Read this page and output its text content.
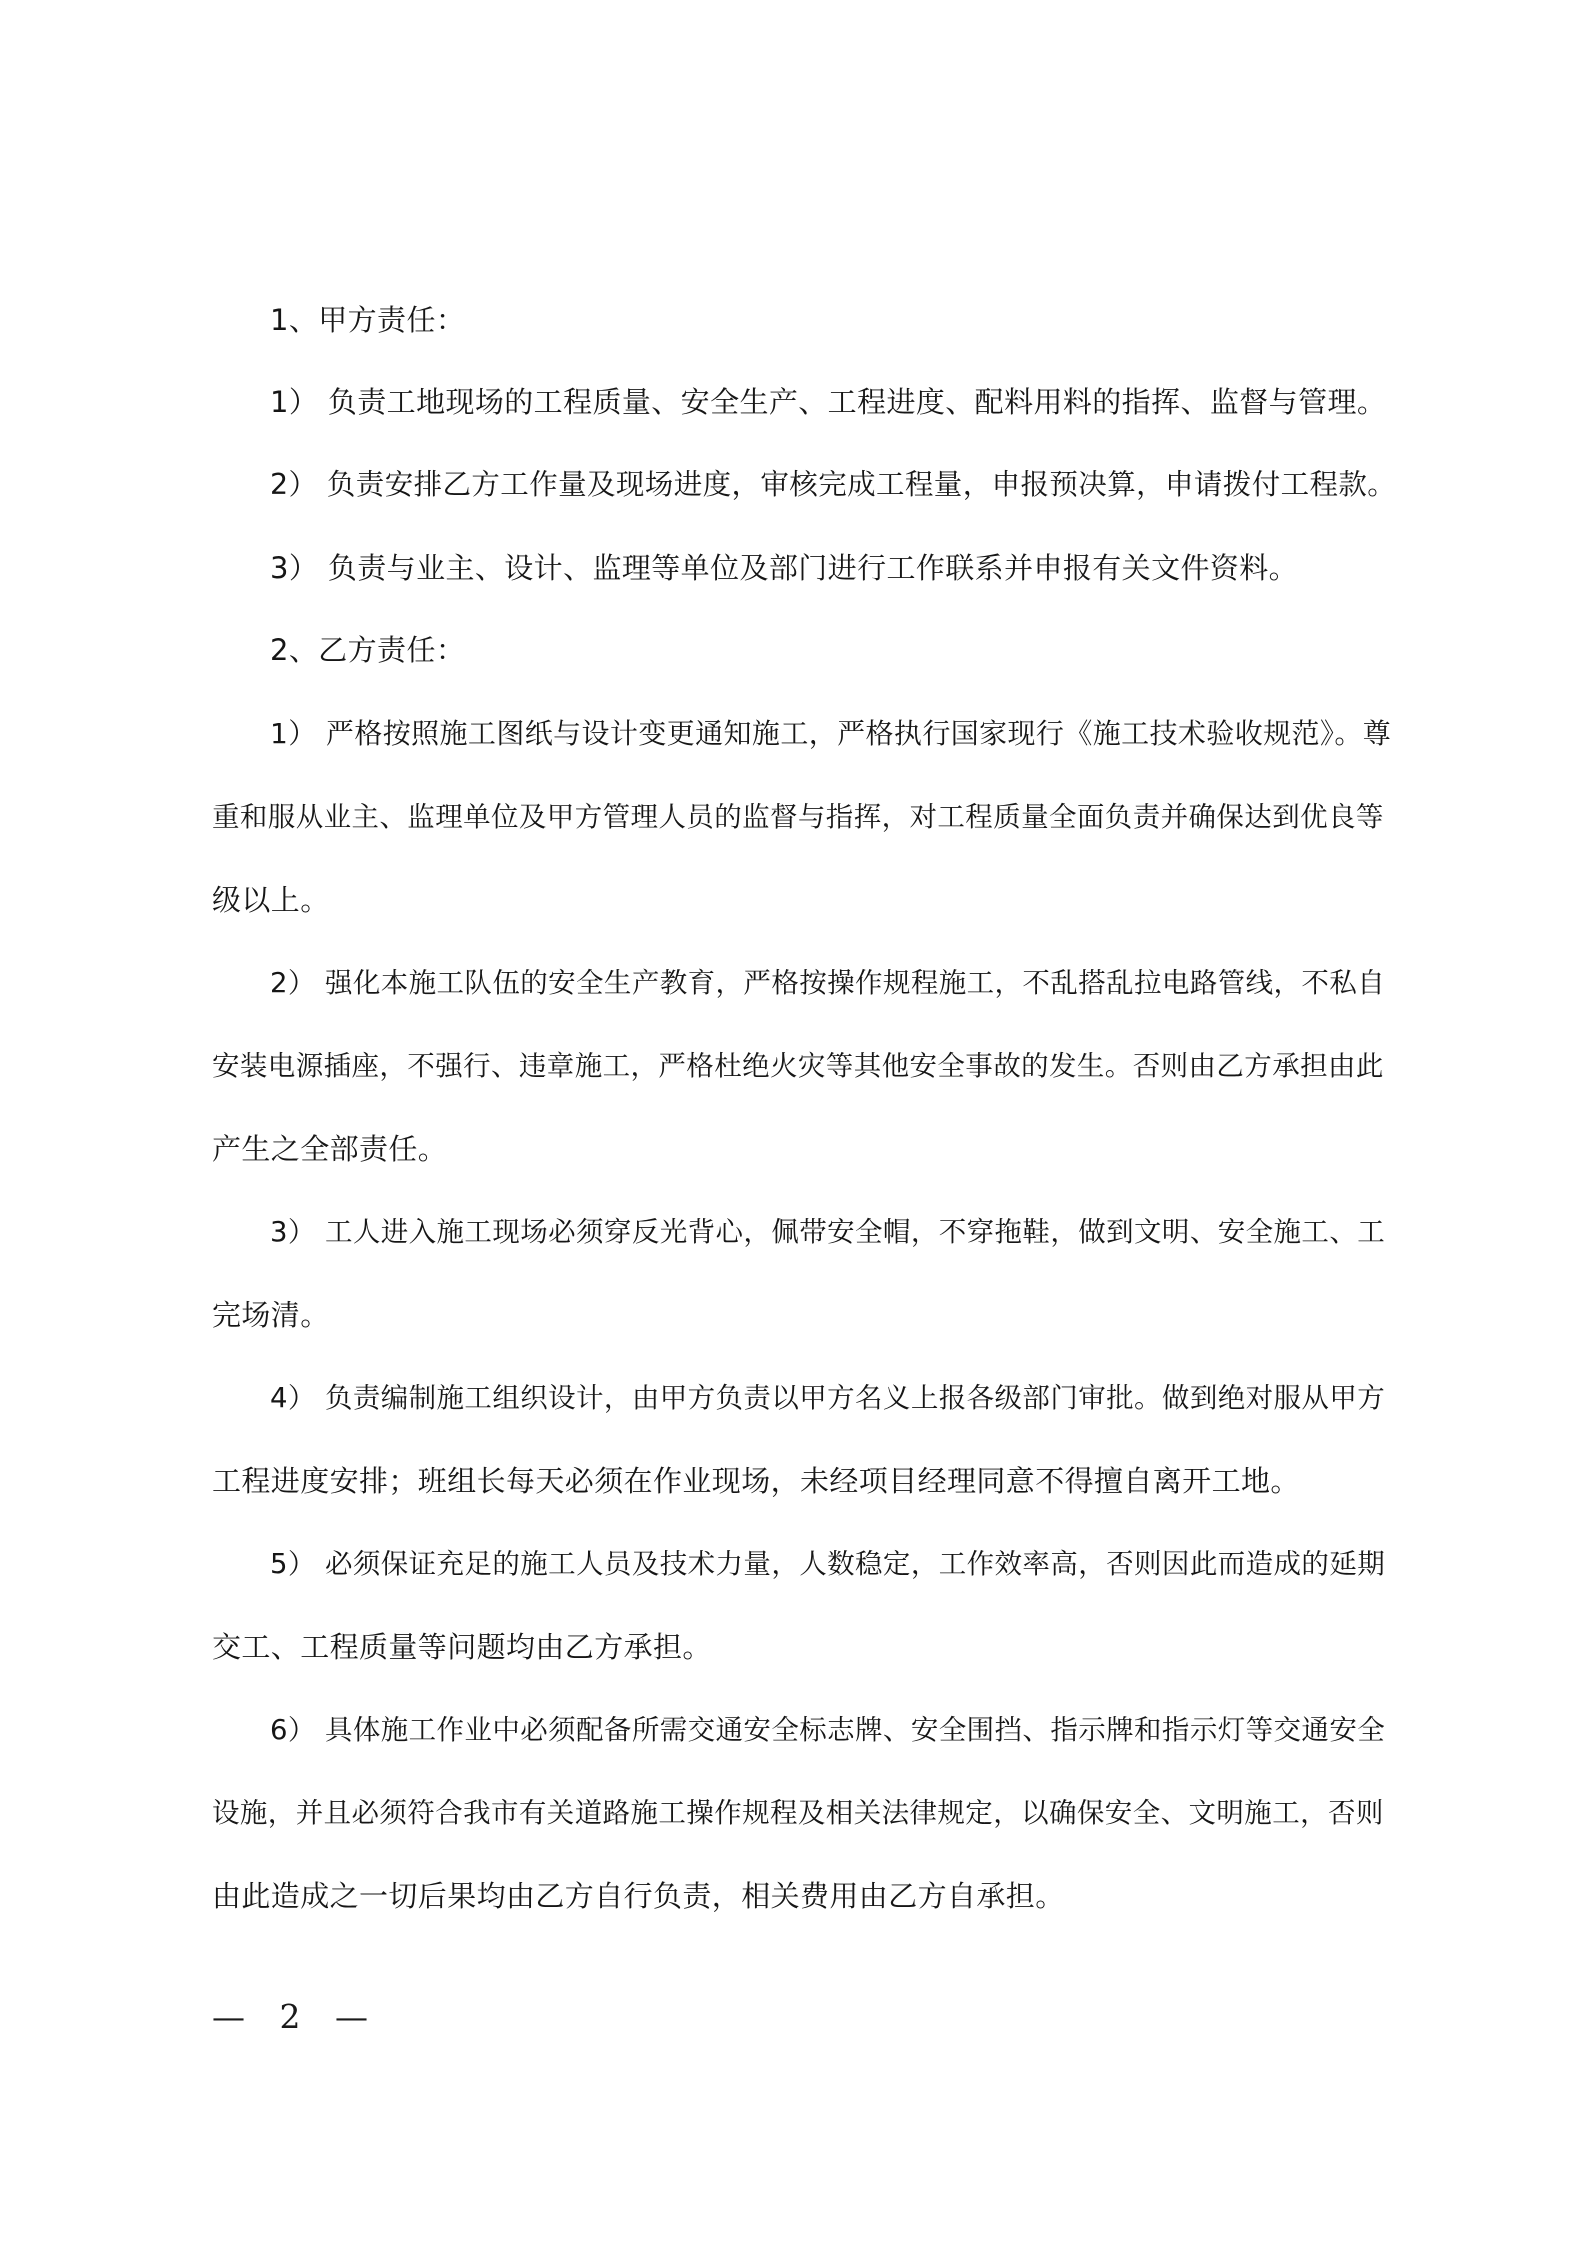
1、甲方责任：
1） 负责工地现场的工程质量、安全生产、工程进度、配料用料的指挥、监督与管理。
2） 负责安排乙方工作量及现场进度，审核完成工程量，申报预决算，申请拨付工程款。
3） 负责与业主、设计、监理等单位及部门进行工作联系并申报有关文件资料。
2、乙方责任：
1） 严格按照施工图纸与设计变更通知施工，严格执行国家现行《施工技术验收规范》。尊
重和服从业主、监理单位及甲方管理人员的监督与指挥，对工程质量全面负责并确保达到优良等
级以上。
2） 强化本施工队伍的安全生产教育，严格按操作规程施工，不乱搭乱拉电路管线，不私自
安装电源插座，不强行、违章施工，严格杜绝火灾等其他安全事故的发生。否则由乙方承担由此
产生之全部责任。
3） 工人进入施工现场必须穿反光背心，佩带安全帽，不穿拖鞋，做到文明、安全施工、工
完场清。
4） 负责编制施工组织设计，由甲方负责以甲方名义上报各级部门审批。做到绝对服从甲方
工程进度安排；班组长每天必须在作业现场，未经项目经理同意不得擅自离开工地。
5） 必须保证充足的施工人员及技术力量，人数稳定，工作效率高，否则因此而造成的延期
交工、工程质量等问题均由乙方承担。
6） 具体施工作业中必须配备所需交通安全标志牌、安全围挡、指示牌和指示灯等交通安全
设施，并且必须符合我市有关道路施工操作规程及相关法律规定，以确保安全、文明施工，否则
由此造成之一切后果均由乙方自行负责，相关费用由乙方自承担。
— 2 —
